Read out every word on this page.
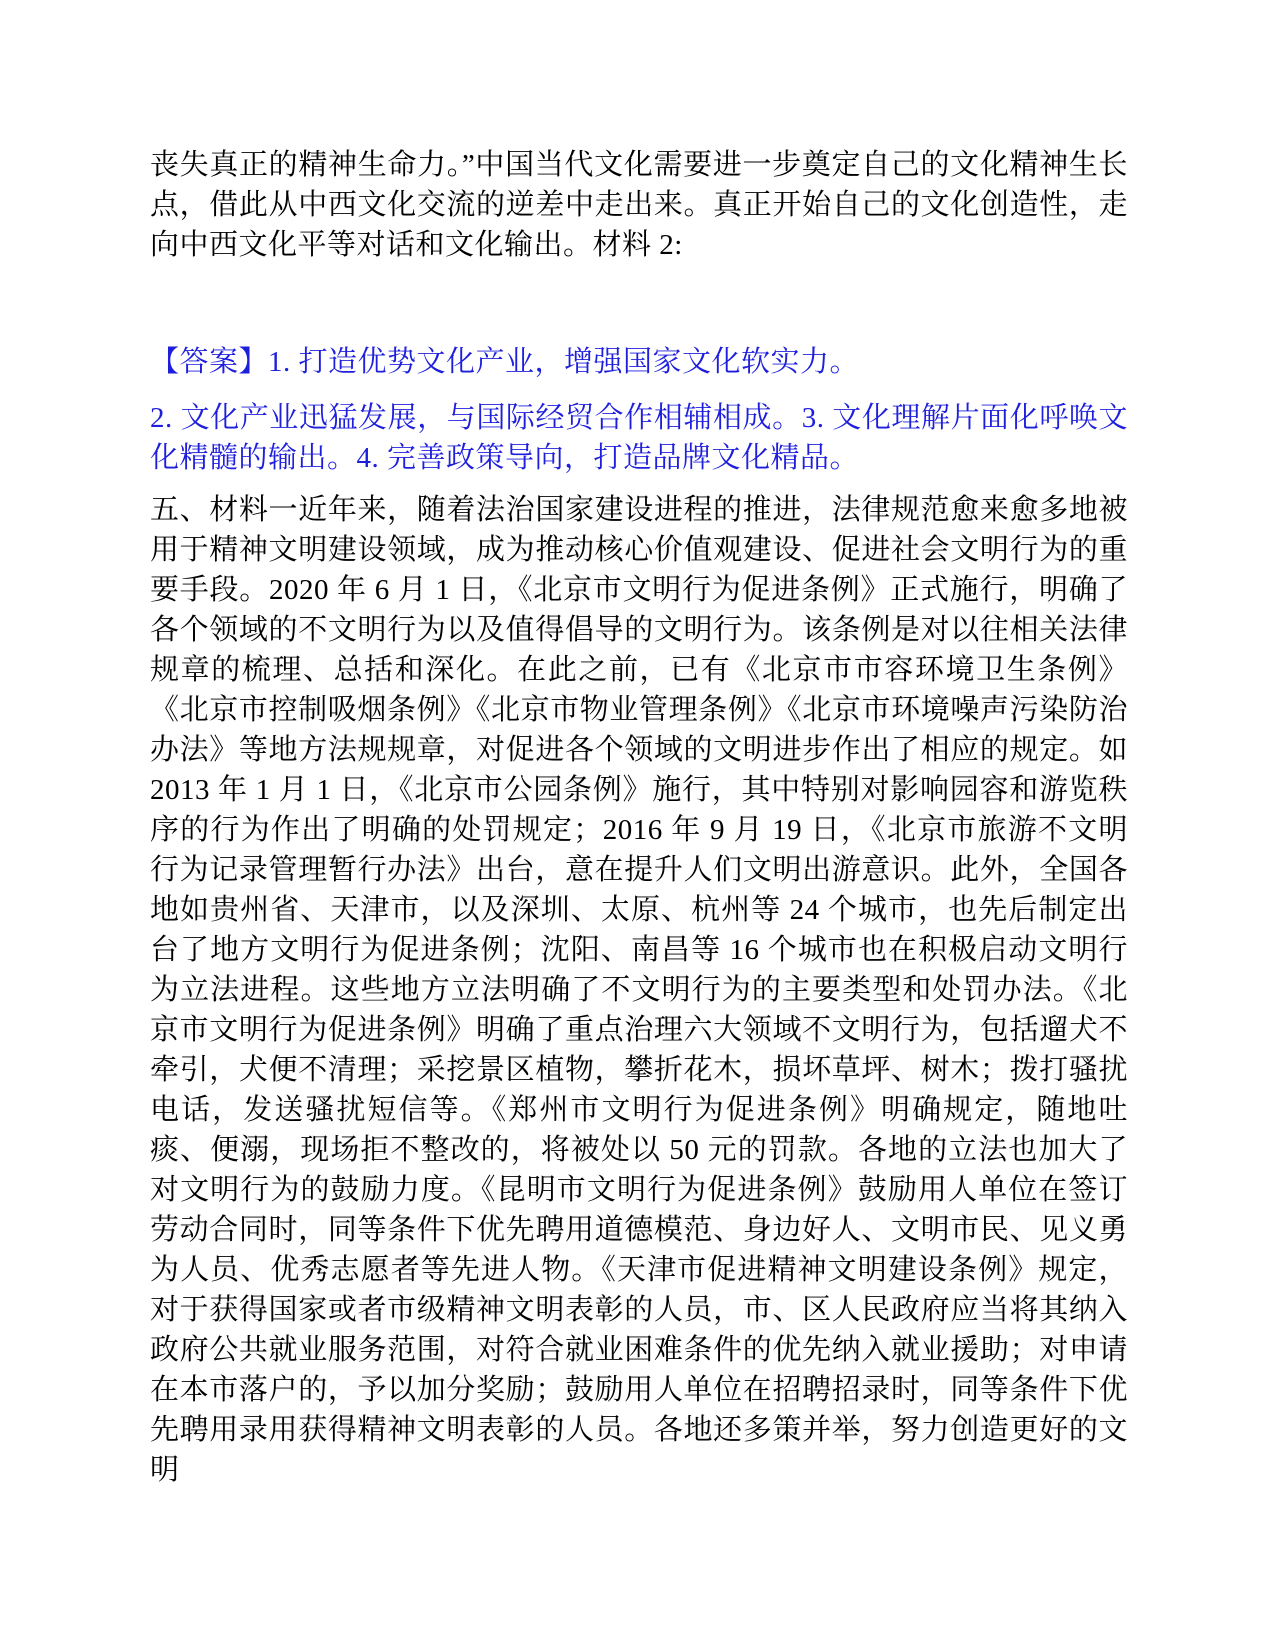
丧失真正的精神生命力。”中国当代文化需要进一步奠定自己的文化精神生长点，借此从中西文化交流的逆差中走出来。真正开始自己的文化创造性，走向中西文化平等对话和文化输出。材料 2:

【答案】1. 打造优势文化产业，增强国家文化软实力。

2. 文化产业迅猛发展，与国际经贸合作相辅相成。3. 文化理解片面化呼唤文化精髓的输出。4. 完善政策导向，打造品牌文化精品。

五、材料一近年来，随着法治国家建设进程的推进，法律规范愈来愈多地被用于精神文明建设领域，成为推动核心价值观建设、促进社会文明行为的重要手段。2020 年 6 月 1 日，《北京市文明行为促进条例》正式施行，明确了各个领域的不文明行为以及值得倡导的文明行为。该条例是对以往相关法律规章的梳理、总括和深化。在此之前，已有《北京市市容环境卫生条例》《北京市控制吸烟条例》《北京市物业管理条例》《北京市环境噪声污染防治办法》等地方法规规章，对促进各个领域的文明进步作出了相应的规定。如 2013 年 1 月 1 日，《北京市公园条例》施行，其中特别对影响园容和游览秩序的行为作出了明确的处罚规定；2016 年 9 月 19 日，《北京市旅游不文明行为记录管理暂行办法》出台，意在提升人们文明出游意识。此外，全国各地如贵州省、天津市，以及深圳、太原、杭州等 24 个城市，也先后制定出台了地方文明行为促进条例；沈阳、南昌等 16 个城市也在积极启动文明行为立法进程。这些地方立法明确了不文明行为的主要类型和处罚办法。《北京市文明行为促进条例》明确了重点治理六大领域不文明行为，包括遛犬不牵引，犬便不清理；采挖景区植物，攀折花木，损坏草坪、树木；拨打骚扰电话，发送骚扰短信等。《郑州市文明行为促进条例》明确规定，随地吐痰、便溺，现场拒不整改的，将被处以 50 元的罚款。各地的立法也加大了对文明行为的鼓励力度。《昆明市文明行为促进条例》鼓励用人单位在签订劳动合同时，同等条件下优先聘用道德模范、身边好人、文明市民、见义勇为人员、优秀志愿者等先进人物。《天津市促进精神文明建设条例》规定，对于获得国家或者市级精神文明表彰的人员，市、区人民政府应当将其纳入政府公共就业服务范围，对符合就业困难条件的优先纳入就业援助；对申请在本市落户的，予以加分奖励；鼓励用人单位在招聘招录时，同等条件下优先聘用录用获得精神文明表彰的人员。各地还多策并举，努力创造更好的文明
